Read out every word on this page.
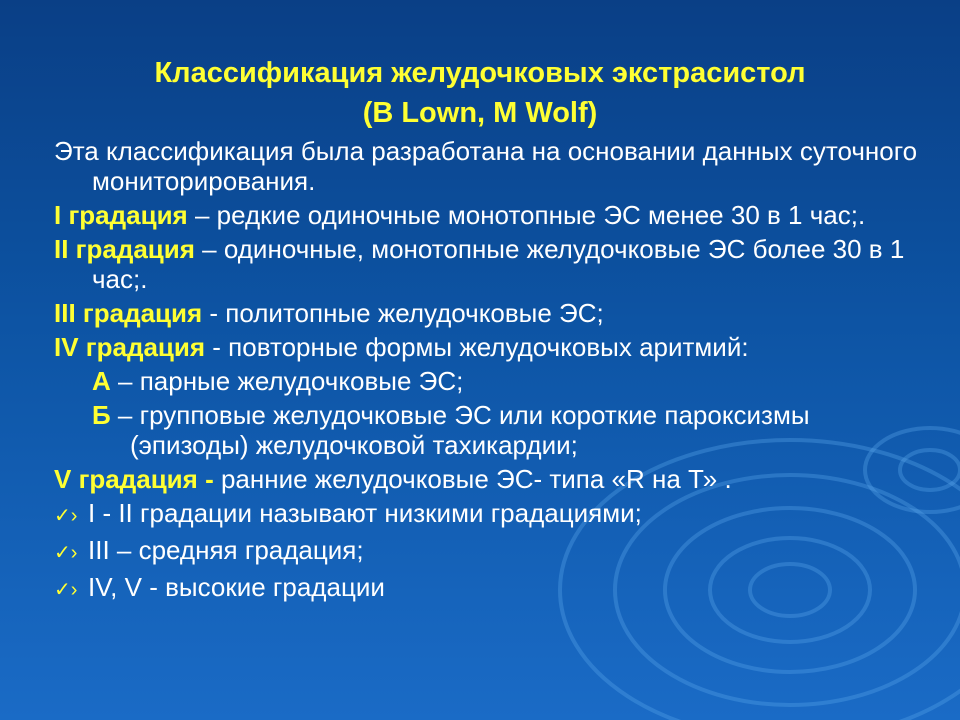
Классификация желудочковых экстрасистол
(B Lown, M Wolf)

Эта классификация была разработана на основании данных суточного мониторирования.

I градация – редкие одиночные монотопные ЭС менее 30 в 1 час;.

II градация – одиночные, монотопные желудочковые ЭС более 30 в 1 час;.

III градация - политопные желудочковые ЭС;

IV градация - повторные формы желудочковых аритмий:

А – парные желудочковые ЭС;

Б – групповые желудочковые ЭС или короткие пароксизмы (эпизоды) желудочковой тахикардии;

V градация - ранние желудочковые ЭС- типа «R на Т» .

✓› I - II градации называют низкими градациями;
✓› III – средняя градация;
✓› IV, V - высокие градации
